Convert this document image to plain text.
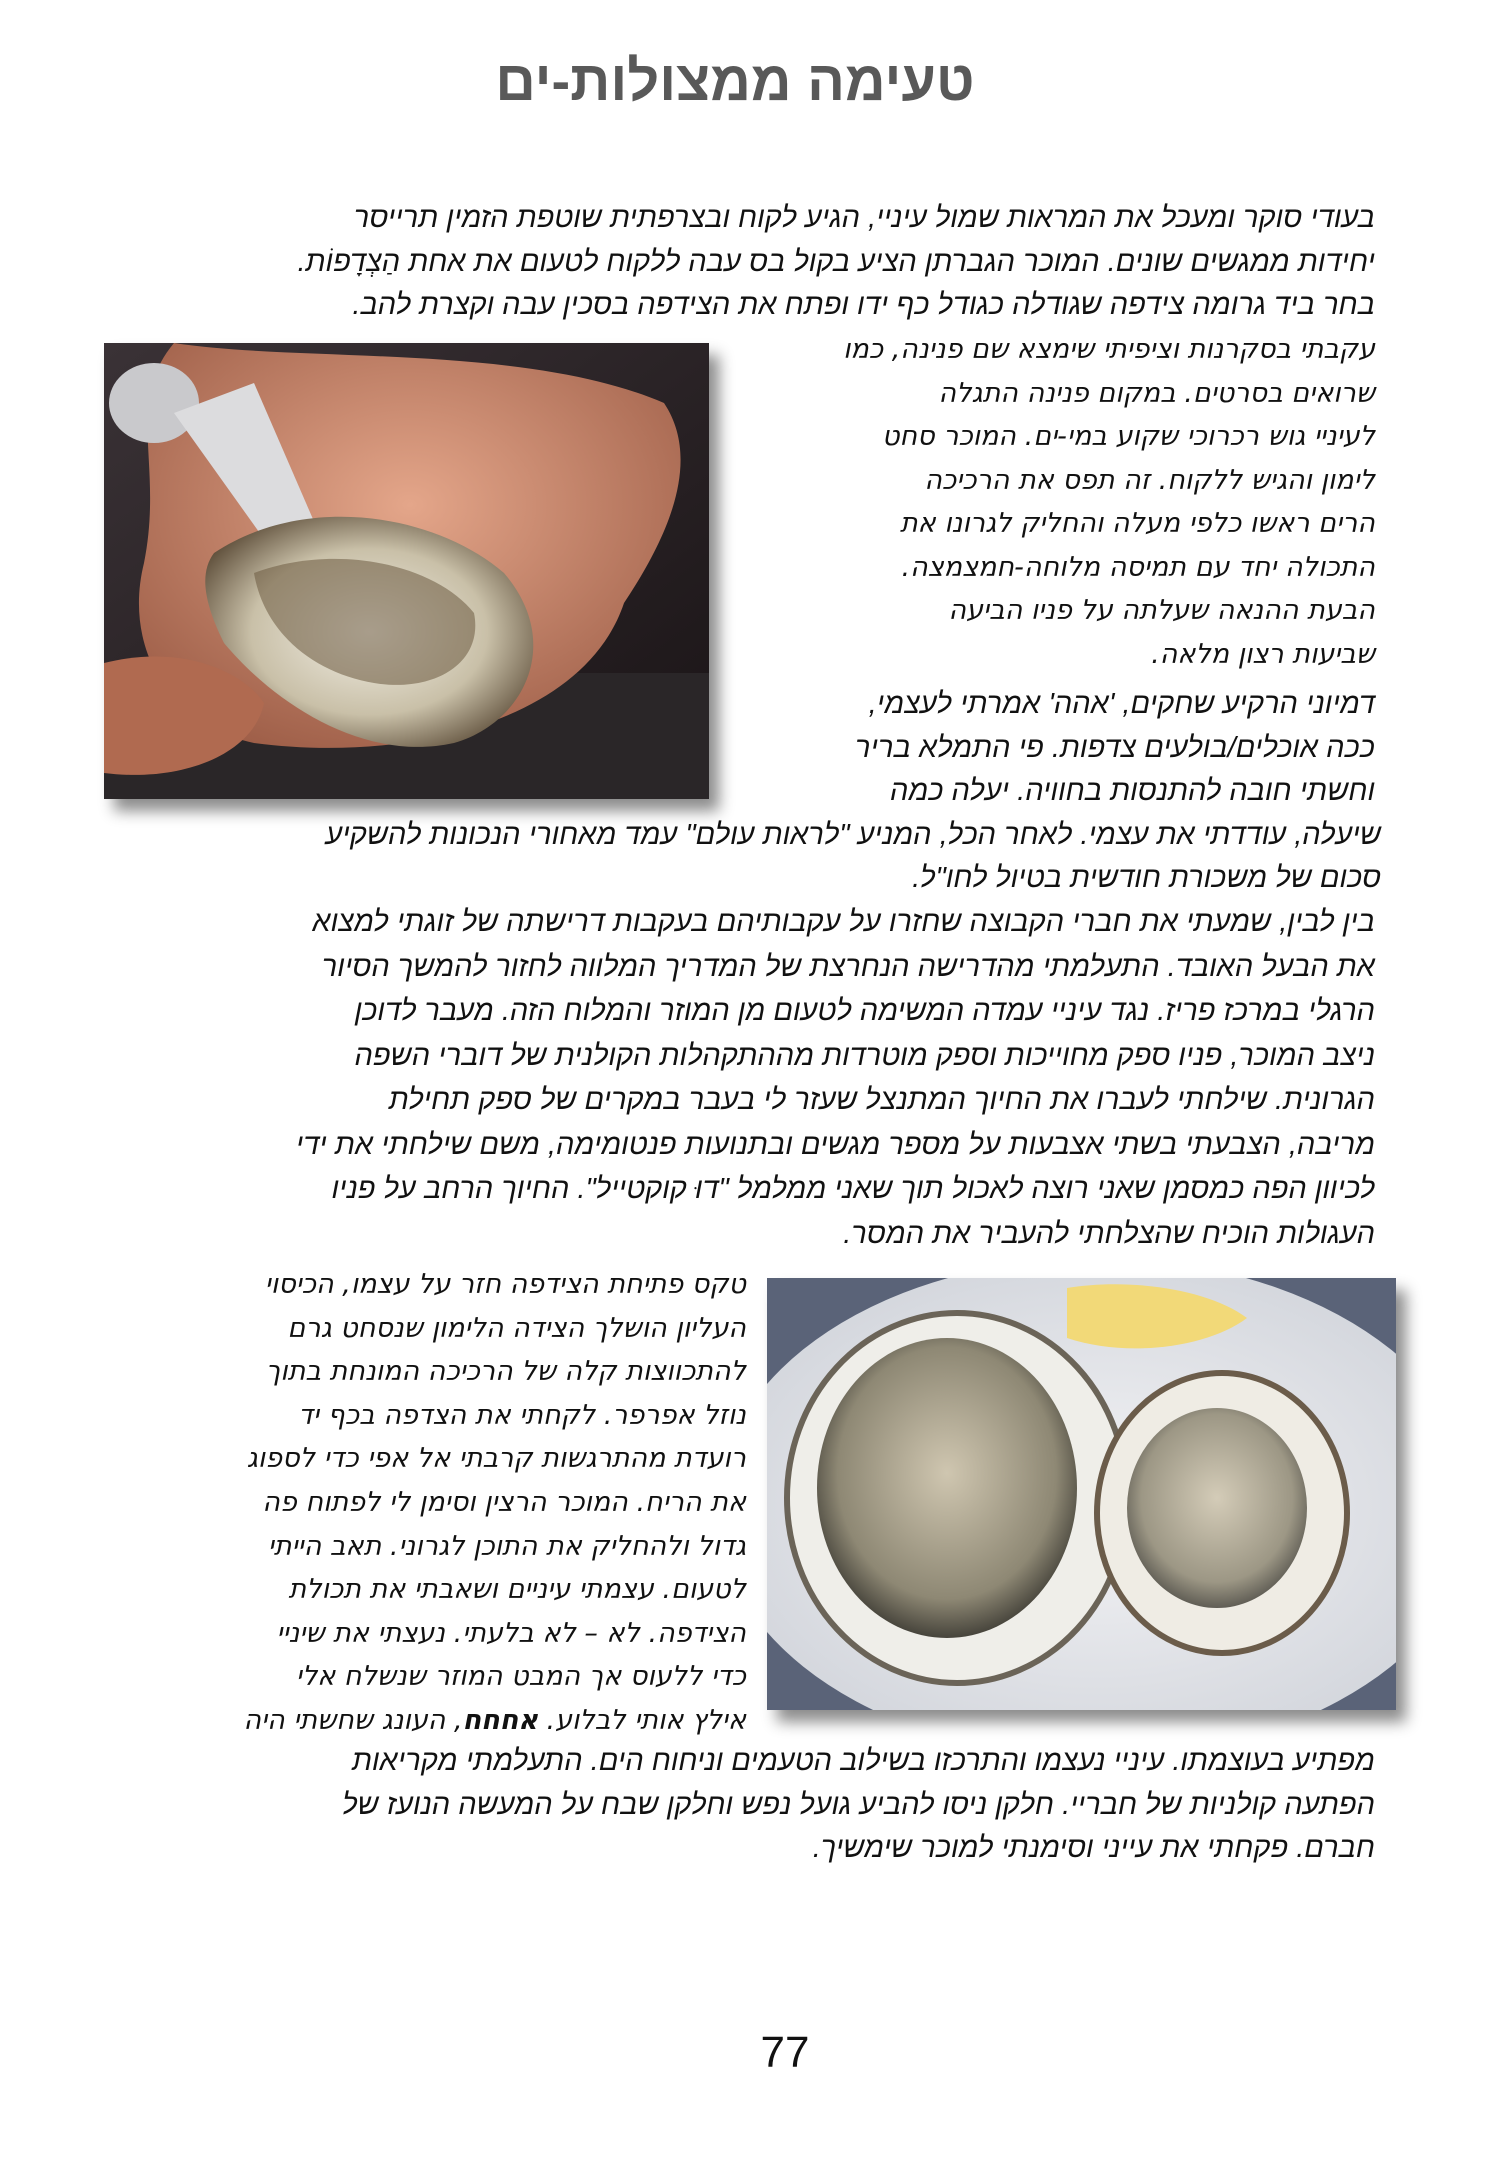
טעימה ממצולות-ים
בעודי סוקר ומעכל את המראות שמול עיניי, הגיע לקוח ובצרפתית שוטפת הזמין תרייסר
יחידות ממגשים שונים. המוכר הגברתן הציע בקול בס עבה ללקוח לטעום את אחת הַצְדָפוֹת.
בחר ביד גרומה צידפה שגודלה כגודל כף ידו ופתח את הצידפה בסכין עבה וקצרת להב.
עקבתי בסקרנות וציפיתי שימצא שם פנינה, כמו
שרואים בסרטים. במקום פנינה התגלה
לעיניי גוש רכרוכי שקוע במי-ים. המוכר סחט
לימון והגיש ללקוח. זה תפס את הרכיכה
הרים ראשו כלפי מעלה והחליק לגרונו את
התכולה יחד עם תמיסה מלוחה-חמצמצה.
הבעת ההנאה שעלתה על פניו הביעה
שביעות רצון מלאה.
דמיוני הרקיע שחקים, 'אהה' אמרתי לעצמי,
ככה אוכלים/בולעים צדפות. פי התמלא בריר
וחשתי חובה להתנסות בחוויה. יעלה כמה
שיעלה, עודדתי את עצמי. לאחר הכל, המניע "לראות עולם" עמד מאחורי הנכונות להשקיע
סכום של משכורת חודשית בטיול לחו"ל.
בין לבין, שמעתי את חברי הקבוצה שחזרו על עקבותיהם בעקבות דרישתה של זוגתי למצוא
את הבעל האובד. התעלמתי מהדרישה הנחרצת של המדריך המלווה לחזור להמשך הסיור
הרגלי במרכז פריז. נגד עיניי עמדה המשימה לטעום מן המוזר והמלוח הזה. מעבר לדוכן
ניצב המוכר, פניו ספק מחוייכות וספק מוטרדות מההתקהלות הקולנית של דוברי השפה
הגרונית. שילחתי לעברו את החיוך המתנצל שעזר לי בעבר במקרים של ספק תחילת
מריבה, הצבעתי בשתי אצבעות על מספר מגשים ובתנועות פנטומימה, משם שילחתי את ידי
לכיוון הפה כמסמן שאני רוצה לאכול תוך שאני ממלמל "דוּ קוקטייל". החיוך הרחב על פניו
העגולות הוכיח שהצלחתי להעביר את המסר.
טקס פתיחת הצידפה חזר על עצמו, הכיסוי
העליון הושלך הצידה הלימון שנסחט גרם
להתכווצות קלה של הרכיכה המונחת בתוך
נוזל אפרפר. לקחתי את הצדפה בכף יד
רועדת מהתרגשות קרבתי אל אפי כדי לספוג
את הריח. המוכר הרצין וסימן לי לפתוח פה
גדול ולהחליק את התוכן לגרוני. תאב הייתי
לטעום. עצמתי עיניים ושאבתי את תכולת
הצידפה. לא – לא בלעתי. נעצתי את שיניי
כדי ללעוס אך המבט המוזר שנשלח אלי
אילץ אותי לבלוע. אחחח, העונג שחשתי היה
מפתיע בעוצמתו. עיניי נעצמו והתרכזו בשילוב הטעמים וניחוח הים. התעלמתי מקריאות
הפתעה קולניות של חבריי. חלקן ניסו להביע גועל נפש וחלקן שבח על המעשה הנועז של
חברם. פקחתי את עייני וסימנתי למוכר שימשיך.
77
